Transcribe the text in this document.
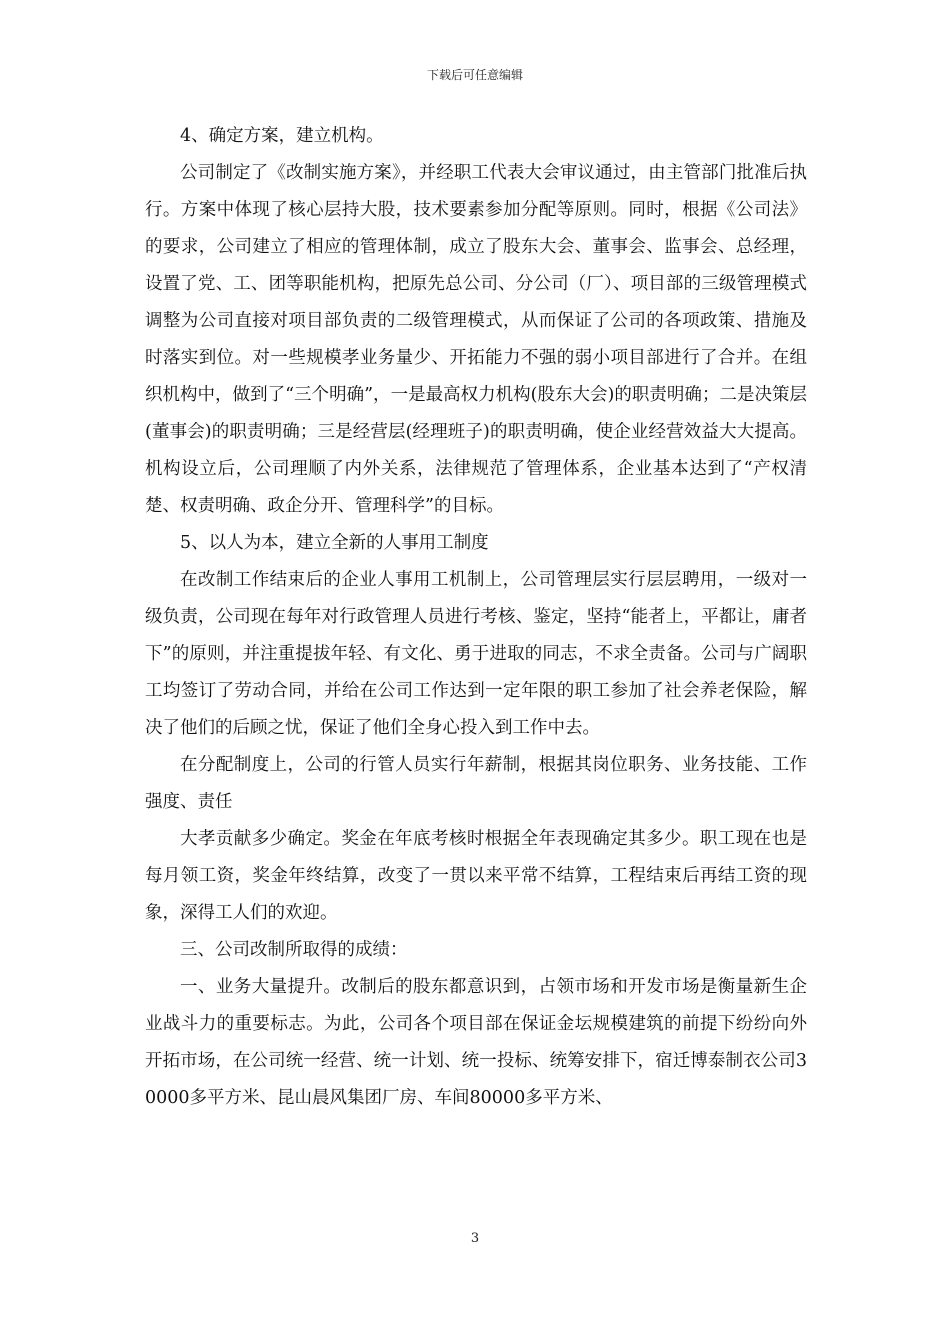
下载后可任意编辑

4、确定方案，建立机构。

公司制定了《改制实施方案》，并经职工代表大会审议通过，由主管部门批准后执行。方案中体现了核心层持大股，技术要素参加分配等原则。同时，根据《公司法》的要求，公司建立了相应的管理体制，成立了股东大会、董事会、监事会、总经理，设置了党、工、团等职能机构，把原先总公司、分公司（厂）、项目部的三级管理模式调整为公司直接对项目部负责的二级管理模式，从而保证了公司的各项政策、措施及时落实到位。对一些规模孝业务量少、开拓能力不强的弱小项目部进行了合并。在组织机构中，做到了“三个明确”，一是最高权力机构(股东大会)的职责明确；二是决策层(董事会)的职责明确；三是经营层(经理班子)的职责明确，使企业经营效益大大提高。机构设立后，公司理顺了内外关系，法律规范了管理体系，企业基本达到了“产权清楚、权责明确、政企分开、管理科学”的目标。

5、以人为本，建立全新的人事用工制度

在改制工作结束后的企业人事用工机制上，公司管理层实行层层聘用，一级对一级负责，公司现在每年对行政管理人员进行考核、鉴定，坚持“能者上，平都让，庸者下”的原则，并注重提拔年轻、有文化、勇于进取的同志，不求全责备。公司与广阔职工均签订了劳动合同，并给在公司工作达到一定年限的职工参加了社会养老保险，解决了他们的后顾之忧，保证了他们全身心投入到工作中去。

在分配制度上，公司的行管人员实行年薪制，根据其岗位职务、业务技能、工作强度、责任

大孝贡献多少确定。奖金在年底考核时根据全年表现确定其多少。职工现在也是每月领工资，奖金年终结算，改变了一贯以来平常不结算，工程结束后再结工资的现象，深得工人们的欢迎。

三、公司改制所取得的成绩：

一、业务大量提升。改制后的股东都意识到，占领市场和开发市场是衡量新生企业战斗力的重要标志。为此，公司各个项目部在保证金坛规模建筑的前提下纷纷向外开拓市场，在公司统一经营、统一计划、统一投标、统筹安排下，宿迁博泰制衣公司30000多平方米、昆山晨风集团厂房、车间80000多平方米、

3
